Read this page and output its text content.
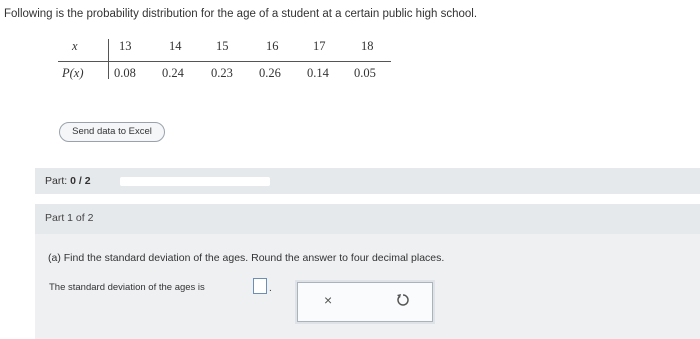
Following is the probability distribution for the age of a student at a certain public high school.
x	13	14	15	16	17	18
P(x) 0.08 0.24 0.23 0.26 0.14 0.05
Send data to Excel
Part: 0 / 2
Part 1 of 2
(a) Find the standard deviation of the ages. Round the answer to four decimal places.
The standard deviation of the ages is	.
×
